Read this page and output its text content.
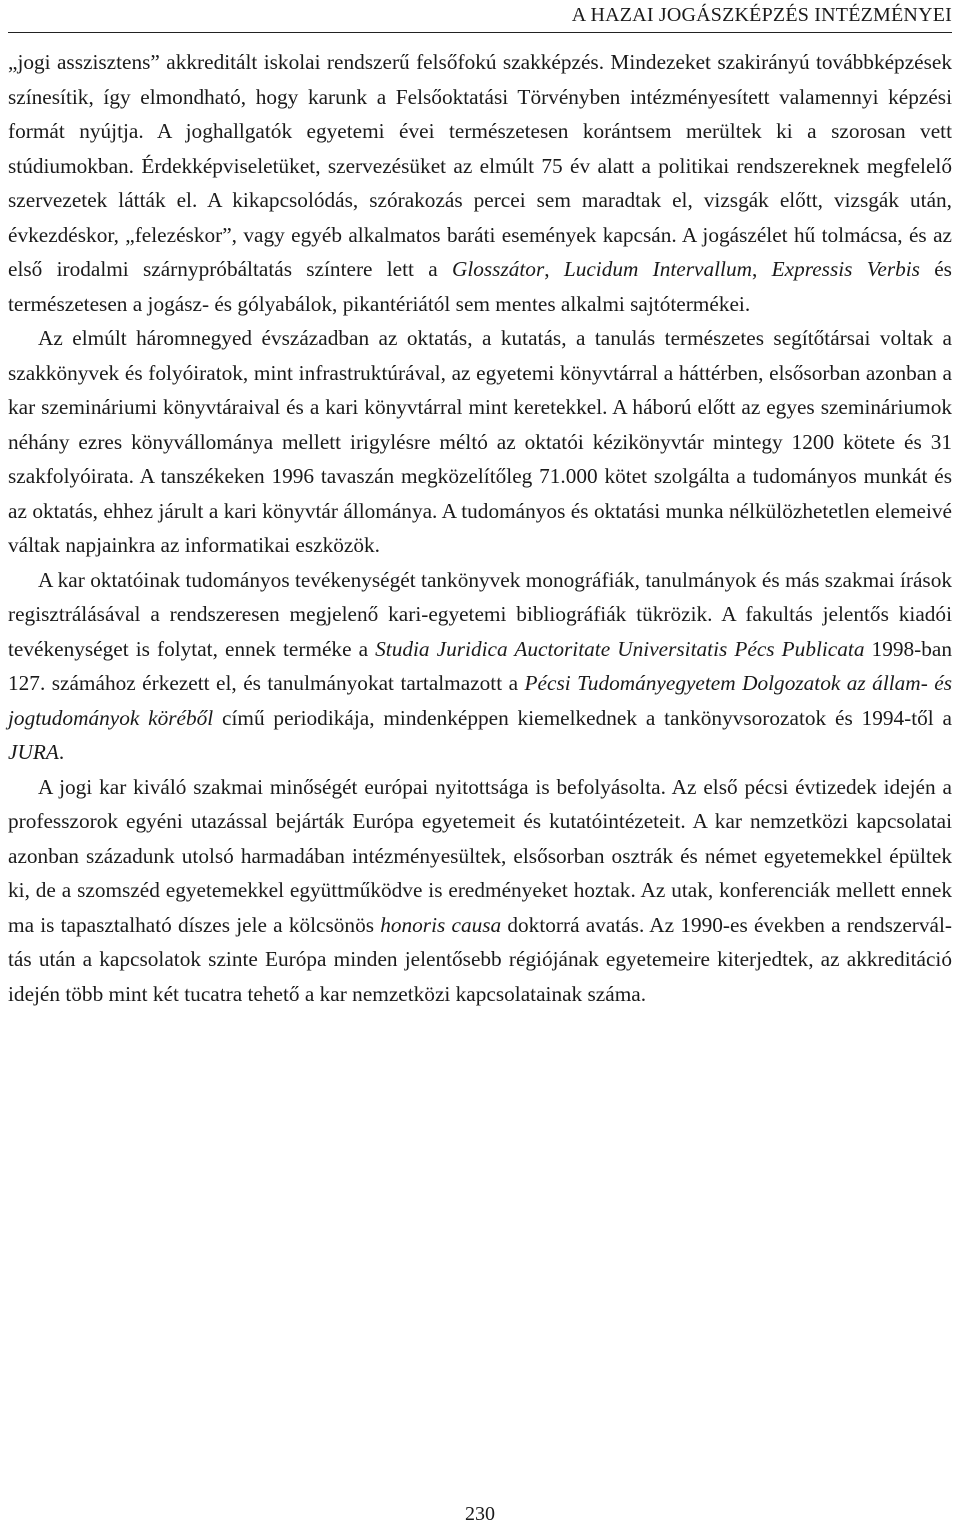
A HAZAI JOGÁSZKÉPZÉS INTÉZMÉNYEI

„jogi asszisztens” akkreditált iskolai rendszerű felsőfokú szakképzés. Mindezeket szakirányú továbbképzések színesítik, így elmondható, hogy karunk a Felsőoktatási Törvényben intézményesített valamennyi képzési formát nyújtja. A joghallgatók egyetemi évei természetesen korántsem merültek ki a szorosan vett stúdiumokban. Érdekképviseletüket, szervezésüket az elmúlt 75 év alatt a politikai rendszereknek megfelelő szervezetek látták el. A kikapcsolódás, szórakozás percei sem maradtak el, vizsgák előtt, vizsgák után, évkezdéskor, „felezéskor”, vagy egyéb alkalmatos baráti események kapcsán. A jogászélet hű tolmácsa, és az első irodalmi szárnypróbáltatás színtere lett a Glosszátor, Lucidum Intervallum, Expressis Verbis és természetesen a jogász- és gólyabálok, pikantériától sem mentes alkalmi sajtótermékei.

Az elmúlt háromnegyed évszázadban az oktatás, a kutatás, a tanulás természetes segítőtársai voltak a szakkönyvek és folyóiratok, mint infrastruktúrával, az egyetemi könyvtárral a háttérben, elsősorban azonban a kar szemináriumi könyvtáraival és a kari könyvtárral mint keretekkel. A háború előtt az egyes szemináriumok néhány ezres könyvállománya mellett irigylésre méltó az oktatói kézikönyvtár mintegy 1200 kötete és 31 szakfolyóirata. A tanszékeken 1996 tavaszán megközelítőleg 71.000 kötet szolgálta a tudományos munkát és az oktatás, ehhez járult a kari könyvtár állománya. A tudományos és oktatási munka nélkülözhetetlen elemeivé váltak napjainkra az informatikai eszközök.

A kar oktatóinak tudományos tevékenységét tankönyvek monográfiák, tanulmányok és más szakmai írások regisztrálásával a rendszeresen megjelenő kari-egyetemi bibliográfiák tükrözik. A fakultás jelentős kiadói tevékenységet is folytat, ennek terméke a Studia Juridica Auctoritate Universitatis Pécs Publicata 1998-ban 127. számához érkezett el, és tanulmányokat tartalmazott a Pécsi Tudományegyetem Dolgozatok az állam- és jogtudományok köréből című periodikája, mindenképpen kiemelkednek a tankönyvsorozatok és 1994-től a JURA.

A jogi kar kiváló szakmai minőségét európai nyitottsága is befolyásolta. Az első pécsi évtizedek idején a professzorok egyéni utazással bejárták Európa egyetemeit és kutatóintézeteit. A kar nemzetközi kapcsolatai azonban századunk utolsó harmadában intézményesültek, elsősorban osztrák és német egyetemekkel épültek ki, de a szomszéd egyetemekkel együttműködve is eredményeket hoztak. Az utak, konferenciák mellett ennek ma is tapasztalható díszes jele a kölcsönös honoris causa doktorrá avatás. Az 1990-es években a rendszerváltás után a kapcsolatok szinte Európa minden jelentősebb régiójának egyetemeire kiterjedtek, az akkreditáció idején több mint két tucatra tehető a kar nemzetközi kapcsolatainak száma.

230
